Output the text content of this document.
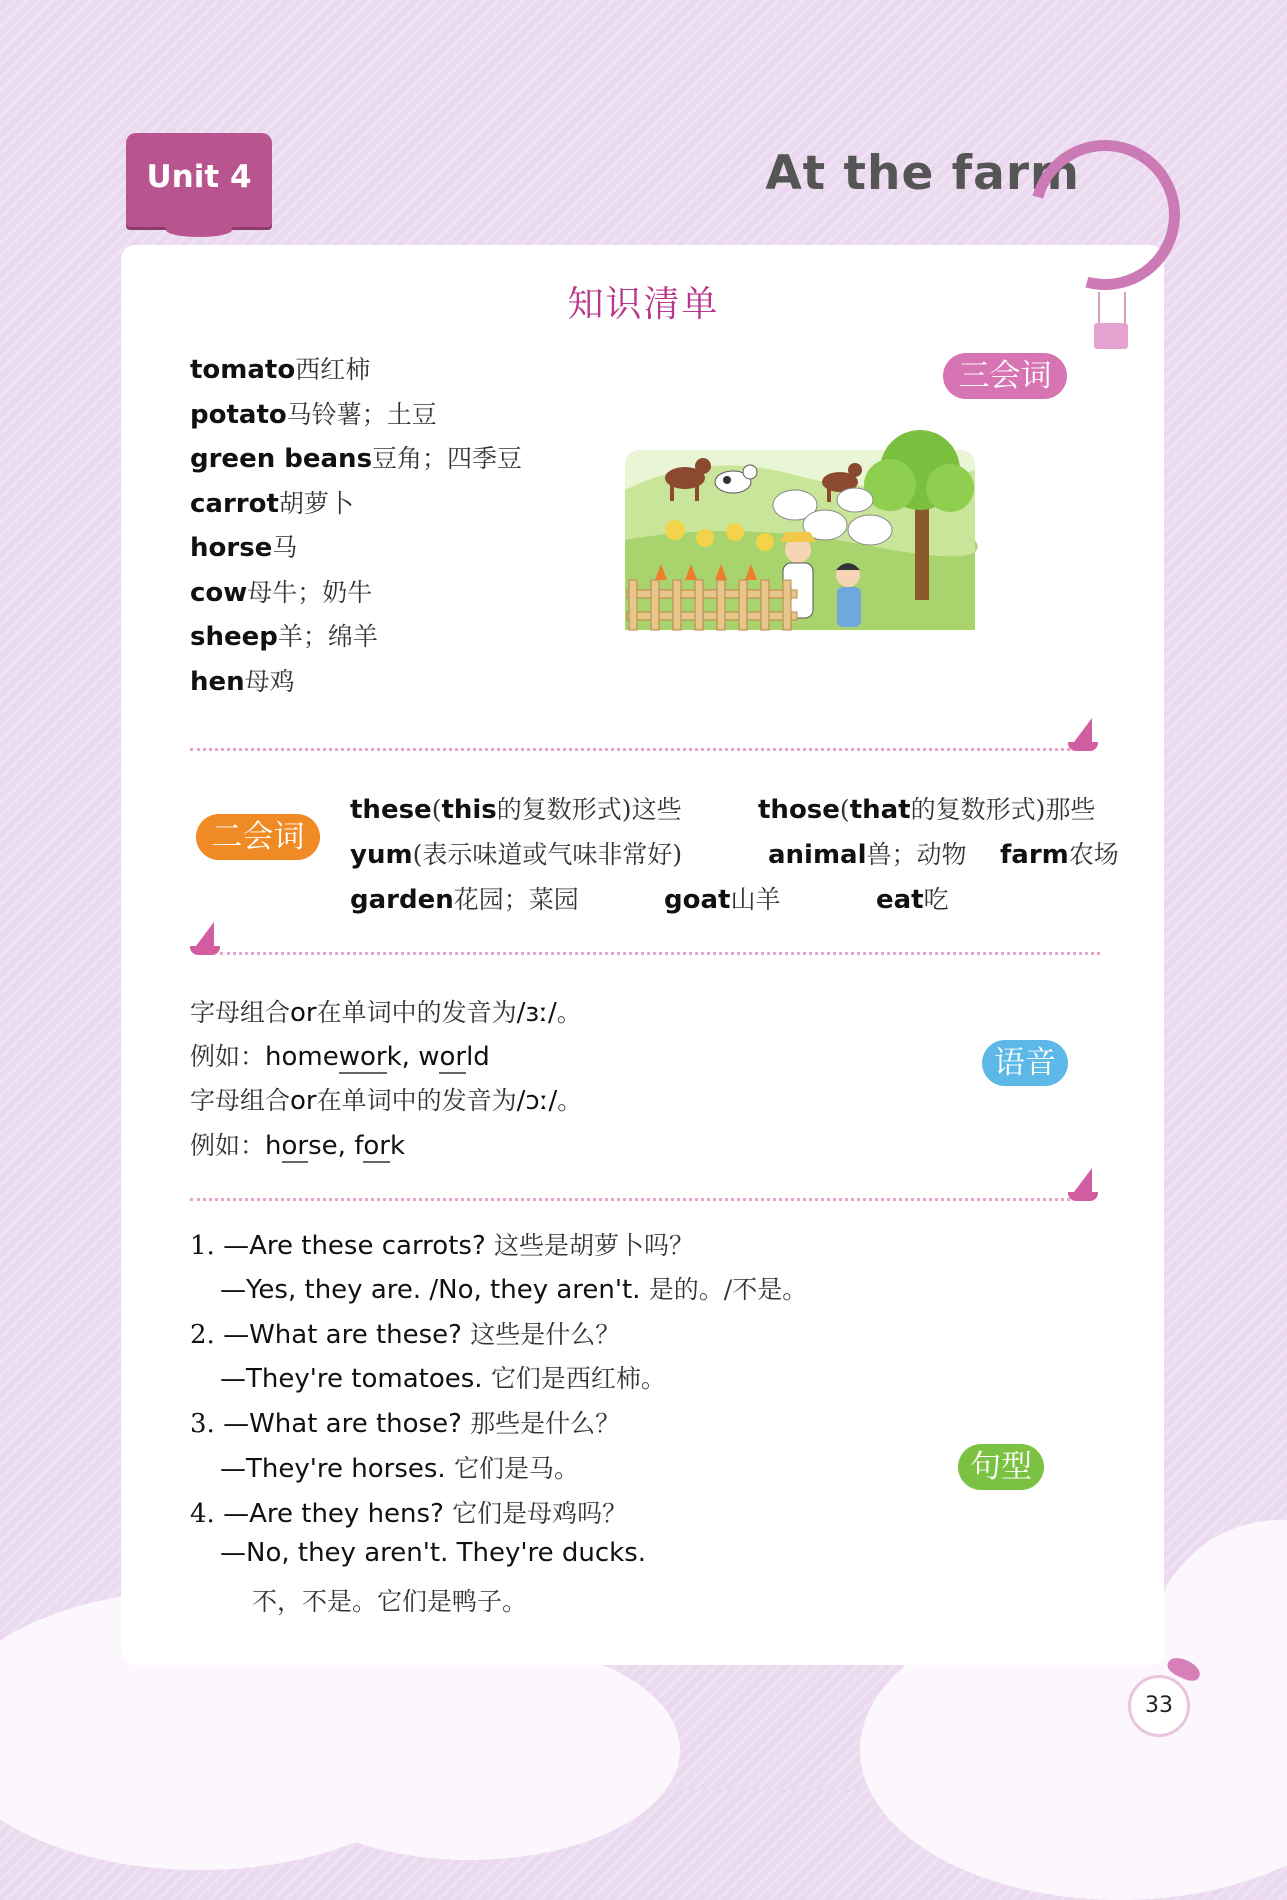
Unit 4	At the farm
知识清单
tomato西红柿
potato马铃薯；土豆
green beans豆角；四季豆
carrot胡萝卜
horse马
cow母牛；奶牛
sheep羊；绵羊
hen母鸡
三会词
二会词
these(this的复数形式)这些	those(that的复数形式)那些
yum(表示味道或气味非常好)	animal兽；动物 farm农场
garden花园；菜园	goat山羊	eat吃
字母组合or在单词中的发音为/ɜː/。
例如：homework, world
字母组合or在单词中的发音为/ɔː/。
例如：horse, fork
语音
1. —Are these carrots? 这些是胡萝卜吗？
—Yes, they are. /No, they aren't. 是的。/不是。
2. —What are these? 这些是什么？
—They're tomatoes. 它们是西红柿。
3. —What are those? 那些是什么？
—They're horses. 它们是马。
4. —Are they hens? 它们是母鸡吗？
—No, they aren't. They're ducks.
不，不是。它们是鸭子。
句型
33
